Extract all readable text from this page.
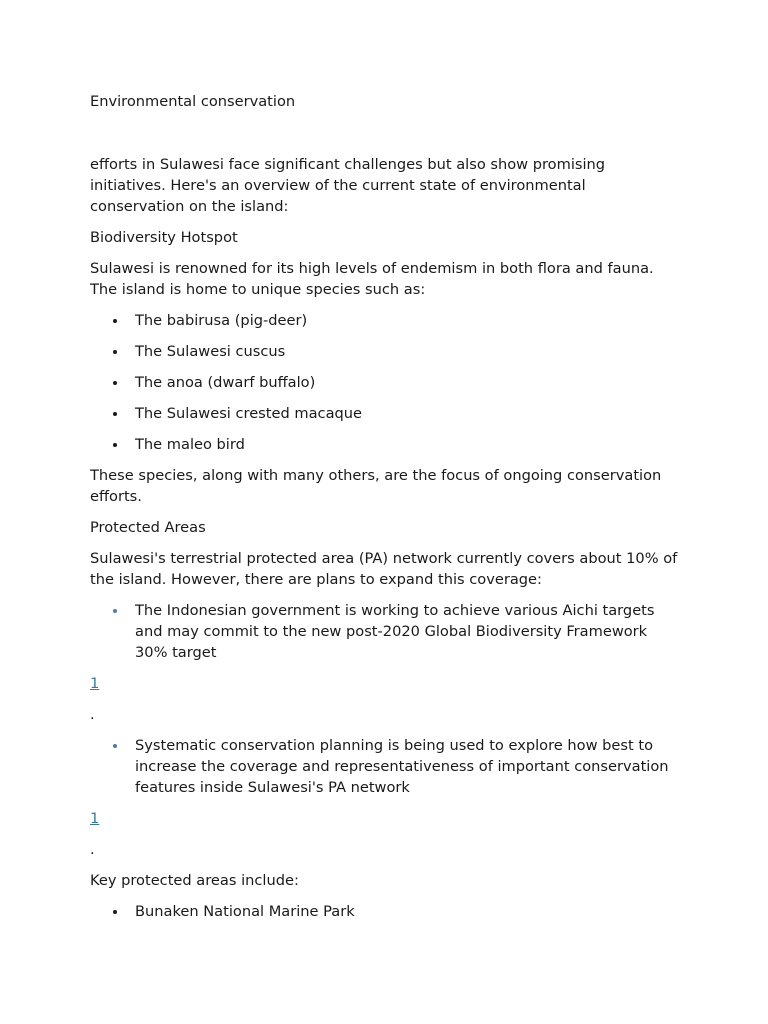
Environmental conservation

efforts in Sulawesi face significant challenges but also show promising initiatives. Here's an overview of the current state of environmental conservation on the island:

Biodiversity Hotspot

Sulawesi is renowned for its high levels of endemism in both flora and fauna. The island is home to unique species such as:

The babirusa (pig-deer)
The Sulawesi cuscus
The anoa (dwarf buffalo)
The Sulawesi crested macaque
The maleo bird

These species, along with many others, are the focus of ongoing conservation efforts.

Protected Areas

Sulawesi's terrestrial protected area (PA) network currently covers about 10% of the island. However, there are plans to expand this coverage:

The Indonesian government is working to achieve various Aichi targets and may commit to the new post-2020 Global Biodiversity Framework 30% target

1

.

Systematic conservation planning is being used to explore how best to increase the coverage and representativeness of important conservation features inside Sulawesi's PA network

1

.

Key protected areas include:

Bunaken National Marine Park
